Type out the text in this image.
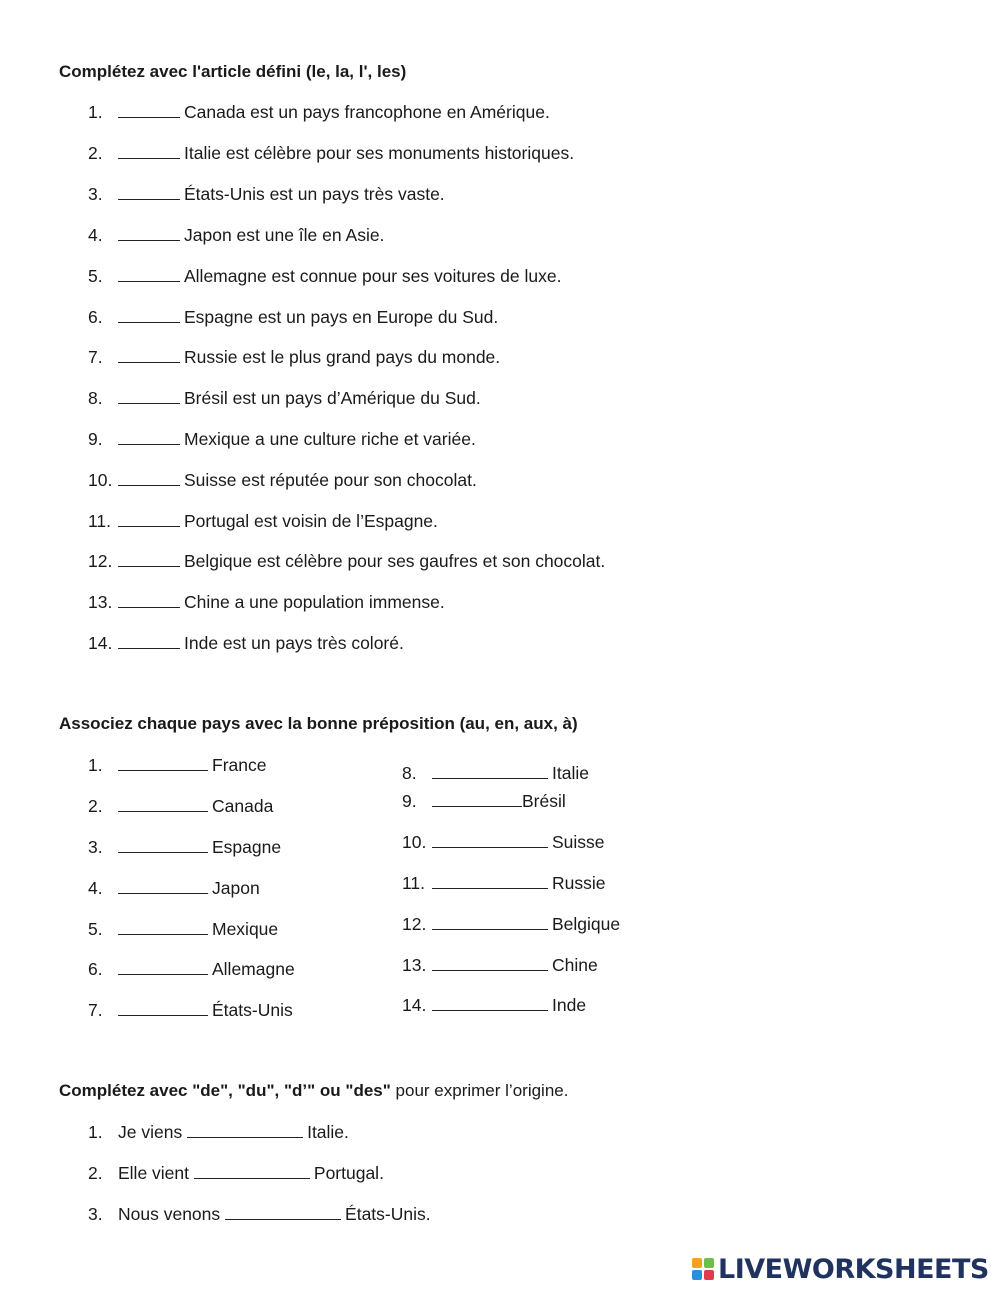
Complétez avec l'article défini (le, la, l', les)
1.	Canada est un pays francophone en Amérique.
2.	Italie est célèbre pour ses monuments historiques.
3.	États-Unis est un pays très vaste.
4.	Japon est une île en Asie.
5.	Allemagne est connue pour ses voitures de luxe.
6.	Espagne est un pays en Europe du Sud.
7.	Russie est le plus grand pays du monde.
8.	Brésil est un pays d’Amérique du Sud.
9.	Mexique a une culture riche et variée.
10.	Suisse est réputée pour son chocolat.
11.	Portugal est voisin de l’Espagne.
12.	Belgique est célèbre pour ses gaufres et son chocolat.
13.	Chine a une population immense.
14.	Inde est un pays très coloré.
Associez chaque pays avec la bonne préposition (au, en, aux, à)
1.	France
2.	Canada
3.	Espagne
4.	Japon
5.	Mexique
6.	Allemagne
7.	États-Unis
8.	Italie
9.	Brésil
10.	Suisse
11.	Russie
12.	Belgique
13.	Chine
14.	Inde
Complétez avec "de", "du", "d’" ou "des" pour exprimer l’origine.
1. Je viens	Italie.
2. Elle vient	Portugal.
3. Nous venons	États-Unis.
LIVEWORKSHEETS
